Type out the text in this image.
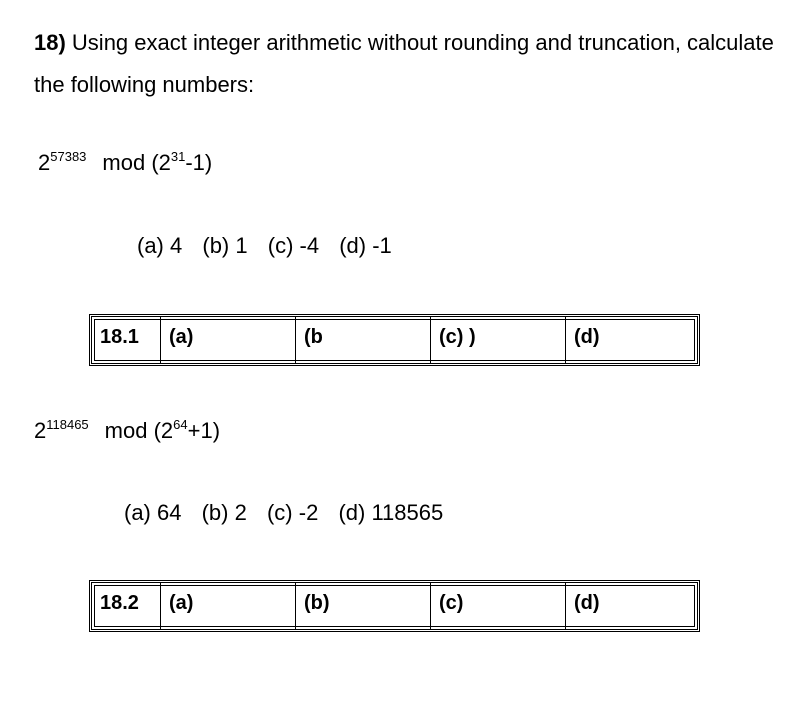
18) Using exact integer arithmetic without rounding and truncation, calculate the following numbers:
$2^{57383}$ mod $(2^{31}-1)$
(a) 4 (b) 1 (c) -4 (d) -1
18.1	(a)	(b	(c) )	(d)
$2^{118465}$ mod $(2^{64}+1)$
(a) 64 (b) 2 (c) -2 (d) 118565
18.2	(a)	(b)	(c)	(d)
